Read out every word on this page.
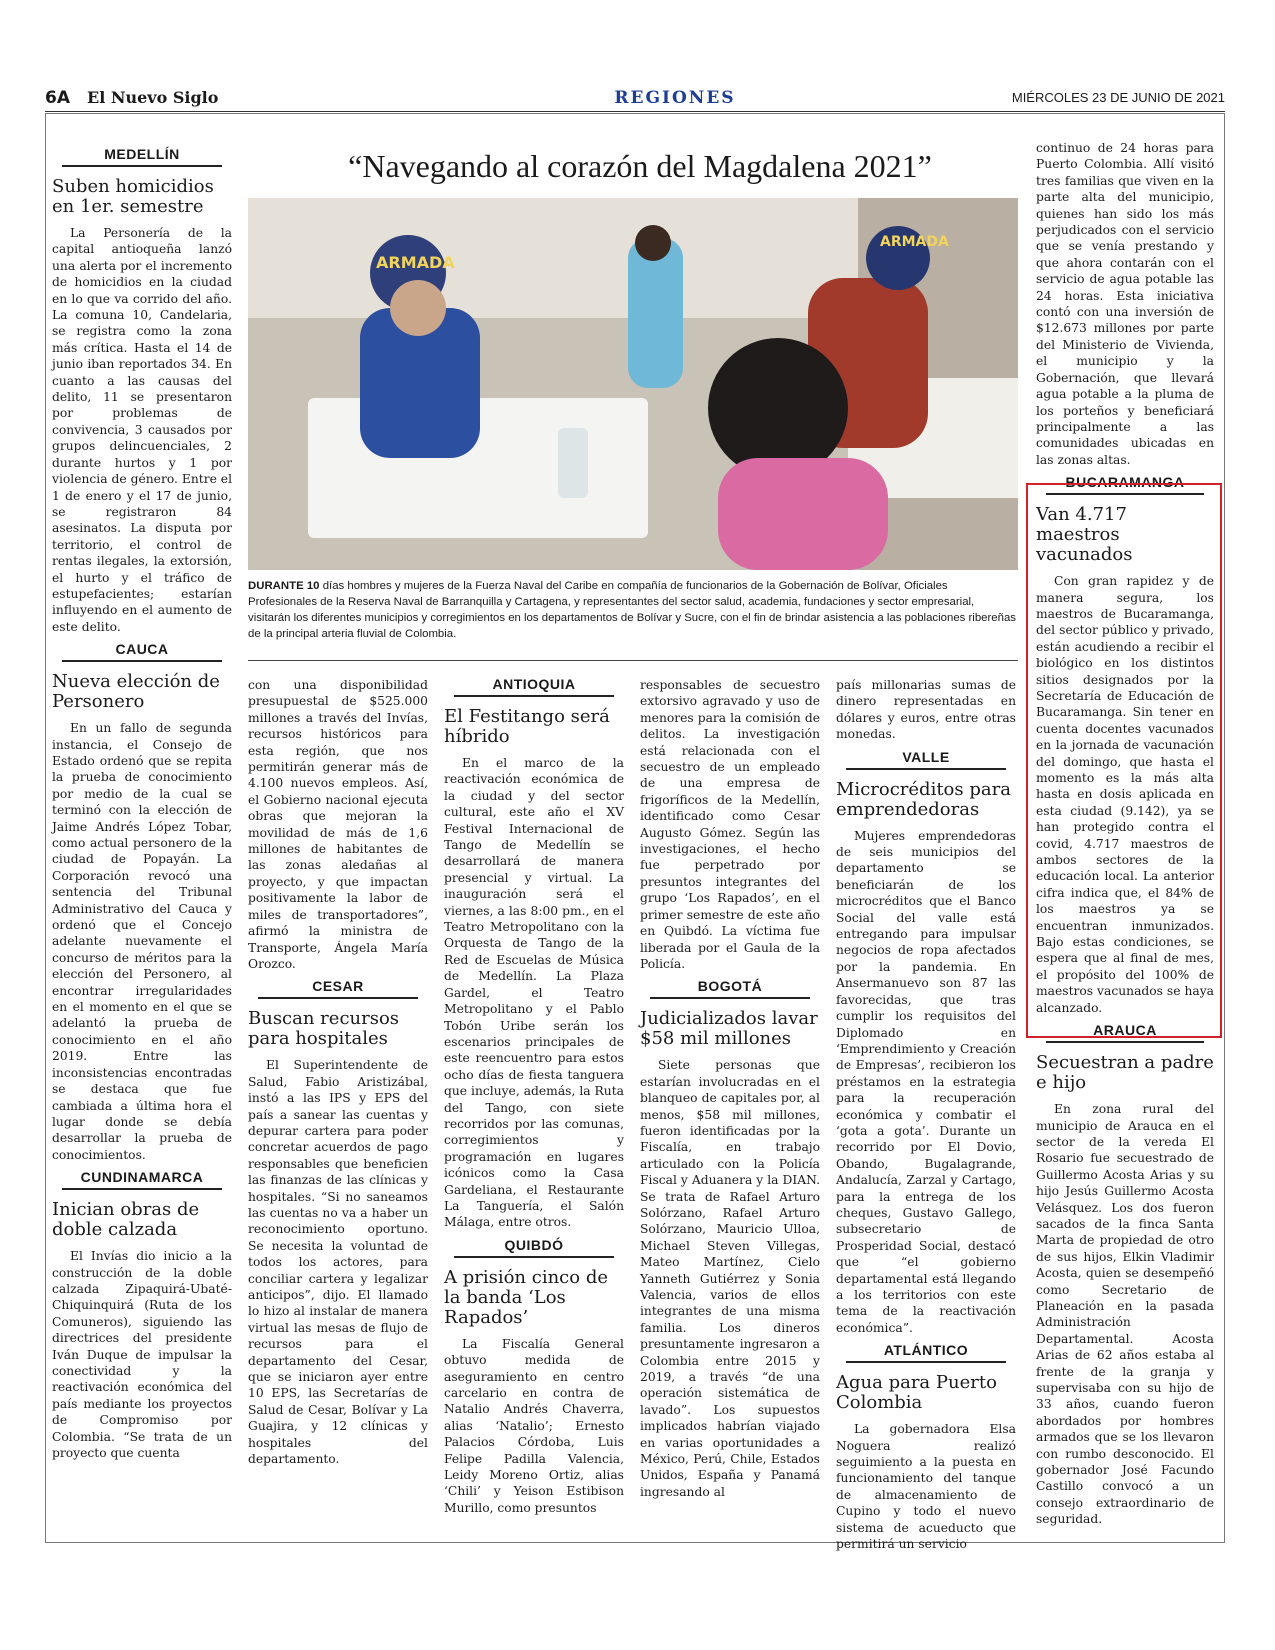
6A El Nuevo Siglo	REGIONES	MIÉRCOLES 23 DE JUNIO DE 2021
MEDELLÍN
Suben homicidios en 1er. semestre

La Personería de la capital antioqueña lanzó una alerta por el incremento de homicidios en la ciudad en lo que va corrido del año. La comuna 10, Candelaria, se registra como la zona más crítica. Hasta el 14 de junio iban reportados 34. En cuanto a las causas del delito, 11 se presentaron por problemas de convivencia, 3 causados por grupos delincuenciales, 2 durante hurtos y 1 por violencia de género. Entre el 1 de enero y el 17 de junio, se registraron 84 asesinatos. La disputa por territorio, el control de rentas ilegales, la extorsión, el hurto y el tráfico de estupefacientes; estarían influyendo en el aumento de este delito.

CAUCA
Nueva elección de Personero

En un fallo de segunda instancia, el Consejo de Estado ordenó que se repita la prueba de conocimiento por medio de la cual se terminó con la elección de Jaime Andrés López Tobar, como actual personero de la ciudad de Popayán. La Corporación revocó una sentencia del Tribunal Administrativo del Cauca y ordenó que el Concejo adelante nuevamente el concurso de méritos para la elección del Personero, al encontrar irregularidades en el momento en el que se adelantó la prueba de conocimiento en el año 2019. Entre las inconsistencias encontradas se destaca que fue cambiada a última hora el lugar donde se debía desarrollar la prueba de conocimientos.

CUNDINAMARCA
Inician obras de doble calzada

El Invías dio inicio a la construcción de la doble calzada Zipaquirá-Ubaté-Chiquinquirá (Ruta de los Comuneros), siguiendo las directrices del presidente Iván Duque de impulsar la conectividad y la reactivación económica del país mediante los proyectos de Compromiso por Colombia. “Se trata de un proyecto que cuenta

con una disponibilidad presupuestal de $525.000 millones a través del Invías, recursos históricos para esta región, que nos permitirán generar más de 4.100 nuevos empleos. Así, el Gobierno nacional ejecuta obras que mejoran la movilidad de más de 1,6 millones de habitantes de las zonas aledañas al proyecto, y que impactan positivamente la labor de miles de transportadores”, afirmó la ministra de Transporte, Ángela María Orozco.

CESAR
Buscan recursos para hospitales

El Superintendente de Salud, Fabio Aristizábal, instó a las IPS y EPS del país a sanear las cuentas y depurar cartera para poder concretar acuerdos de pago responsables que beneficien las finanzas de las clínicas y hospitales. “Si no saneamos las cuentas no va a haber un reconocimiento oportuno. Se necesita la voluntad de todos los actores, para conciliar cartera y legalizar anticipos”, dijo. El llamado lo hizo al instalar de manera virtual las mesas de flujo de recursos para el departamento del Cesar, que se iniciaron ayer entre 10 EPS, las Secretarías de Salud de Cesar, Bolívar y La Guajira, y 12 clínicas y hospitales del departamento.

ANTIOQUIA
El Festitango será híbrido

En el marco de la reactivación económica de la ciudad y del sector cultural, este año el XV Festival Internacional de Tango de Medellín se desarrollará de manera presencial y virtual. La inauguración será el viernes, a las 8:00 pm., en el Teatro Metropolitano con la Orquesta de Tango de la Red de Escuelas de Música de Medellín. La Plaza Gardel, el Teatro Metropolitano y el Pablo Tobón Uribe serán los escenarios principales de este reencuentro para estos ocho días de fiesta tanguera que incluye, además, la Ruta del Tango, con siete recorridos por las comunas, corregimientos y programación en lugares icónicos como la Casa Gardeliana, el Restaurante La Tanguería, el Salón Málaga, entre otros.

QUIBDÓ
A prisión cinco de la banda ‘Los Rapados’

La Fiscalía General obtuvo medida de aseguramiento en centro carcelario en contra de Natalio Andrés Chaverra, alias ‘Natalio’; Ernesto Palacios Córdoba, Luis Felipe Padilla Valencia, Leidy Moreno Ortiz, alias ‘Chili’ y Yeison Estibison Murillo, como presuntos

responsables de secuestro extorsivo agravado y uso de menores para la comisión de delitos. La investigación está relacionada con el secuestro de un empleado de una empresa de frigoríficos de la Medellín, identificado como Cesar Augusto Gómez. Según las investigaciones, el hecho fue perpetrado por presuntos integrantes del grupo ‘Los Rapados’, en el primer semestre de este año en Quibdó. La víctima fue liberada por el Gaula de la Policía.

BOGOTÁ
Judicializados lavar $58 mil millones

Siete personas que estarían involucradas en el blanqueo de capitales por, al menos, $58 mil millones, fueron identificadas por la Fiscalía, en trabajo articulado con la Policía Fiscal y Aduanera y la DIAN. Se trata de Rafael Arturo Solórzano, Rafael Arturo Solórzano, Mauricio Ulloa, Michael Steven Villegas, Mateo Martínez, Cielo Yanneth Gutiérrez y Sonia Valencia, varios de ellos integrantes de una misma familia. Los dineros presuntamente ingresaron a Colombia entre 2015 y 2019, a través “de una operación sistemática de lavado”. Los supuestos implicados habrían viajado en varias oportunidades a México, Perú, Chile, Estados Unidos, España y Panamá ingresando al

país millonarias sumas de dinero representadas en dólares y euros, entre otras monedas.

VALLE
Microcréditos para emprendedoras

Mujeres emprendedoras de seis municipios del departamento se beneficiarán de los microcréditos que el Banco Social del valle está entregando para impulsar negocios de ropa afectados por la pandemia. En Ansermanuevo son 87 las favorecidas, que tras cumplir los requisitos del Diplomado en ‘Emprendimiento y Creación de Empresas’, recibieron los préstamos en la estrategia para la recuperación económica y combatir el ‘gota a gota’. Durante un recorrido por El Dovio, Obando, Bugalagrande, Andalucía, Zarzal y Cartago, para la entrega de los cheques, Gustavo Gallego, subsecretario de Prosperidad Social, destacó que “el gobierno departamental está llegando a los territorios con este tema de la reactivación económica”.

ATLÁNTICO
Agua para Puerto Colombia

La gobernadora Elsa Noguera realizó seguimiento a la puesta en funcionamiento del tanque de almacenamiento de Cupino y todo el nuevo sistema de acueducto que permitirá un servicio

continuo de 24 horas para Puerto Colombia. Allí visitó tres familias que viven en la parte alta del municipio, quienes han sido los más perjudicados con el servicio que se venía prestando y que ahora contarán con el servicio de agua potable las 24 horas. Esta iniciativa contó con una inversión de $12.673 millones por parte del Ministerio de Vivienda, el municipio y la Gobernación, que llevará agua potable a la pluma de los porteños y beneficiará principalmente a las comunidades ubicadas en las zonas altas.

BUCARAMANGA
Van 4.717 maestros vacunados

Con gran rapidez y de manera segura, los maestros de Bucaramanga, del sector público y privado, están acudiendo a recibir el biológico en los distintos sitios designados por la Secretaría de Educación de Bucaramanga. Sin tener en cuenta docentes vacunados en la jornada de vacunación del domingo, que hasta el momento es la más alta hasta en dosis aplicada en esta ciudad (9.142), ya se han protegido contra el covid, 4.717 maestros de ambos sectores de la educación local. La anterior cifra indica que, el 84% de los maestros ya se encuentran inmunizados. Bajo estas condiciones, se espera que al final de mes, el propósito del 100% de maestros vacunados se haya alcanzado.

ARAUCA
Secuestran a padre e hijo

En zona rural del municipio de Arauca en el sector de la vereda El Rosario fue secuestrado de Guillermo Acosta Arias y su hijo Jesús Guillermo Acosta Velásquez. Los dos fueron sacados de la finca Santa Marta de propiedad de otro de sus hijos, Elkin Vladimir Acosta, quien se desempeñó como Secretario de Planeación en la pasada Administración Departamental. Acosta Arias de 62 años estaba al frente de la granja y supervisaba con su hijo de 33 años, cuando fueron abordados por hombres armados que se los llevaron con rumbo desconocido. El gobernador José Facundo Castillo convocó a un consejo extraordinario de seguridad.

“Navegando al corazón del Magdalena 2021”
ARMADA
ARMADA
DURANTE 10 días hombres y mujeres de la Fuerza Naval del Caribe en compañía de funcionarios de la Gobernación de Bolívar, Oficiales Profesionales de la Reserva Naval de Barranquilla y Cartagena, y representantes del sector salud, academia, fundaciones y sector empresarial, visitarán los diferentes municipios y corregimientos en los departamentos de Bolívar y Sucre, con el fin de brindar asistencia a las poblaciones ribereñas de la principal arteria fluvial de Colombia.
